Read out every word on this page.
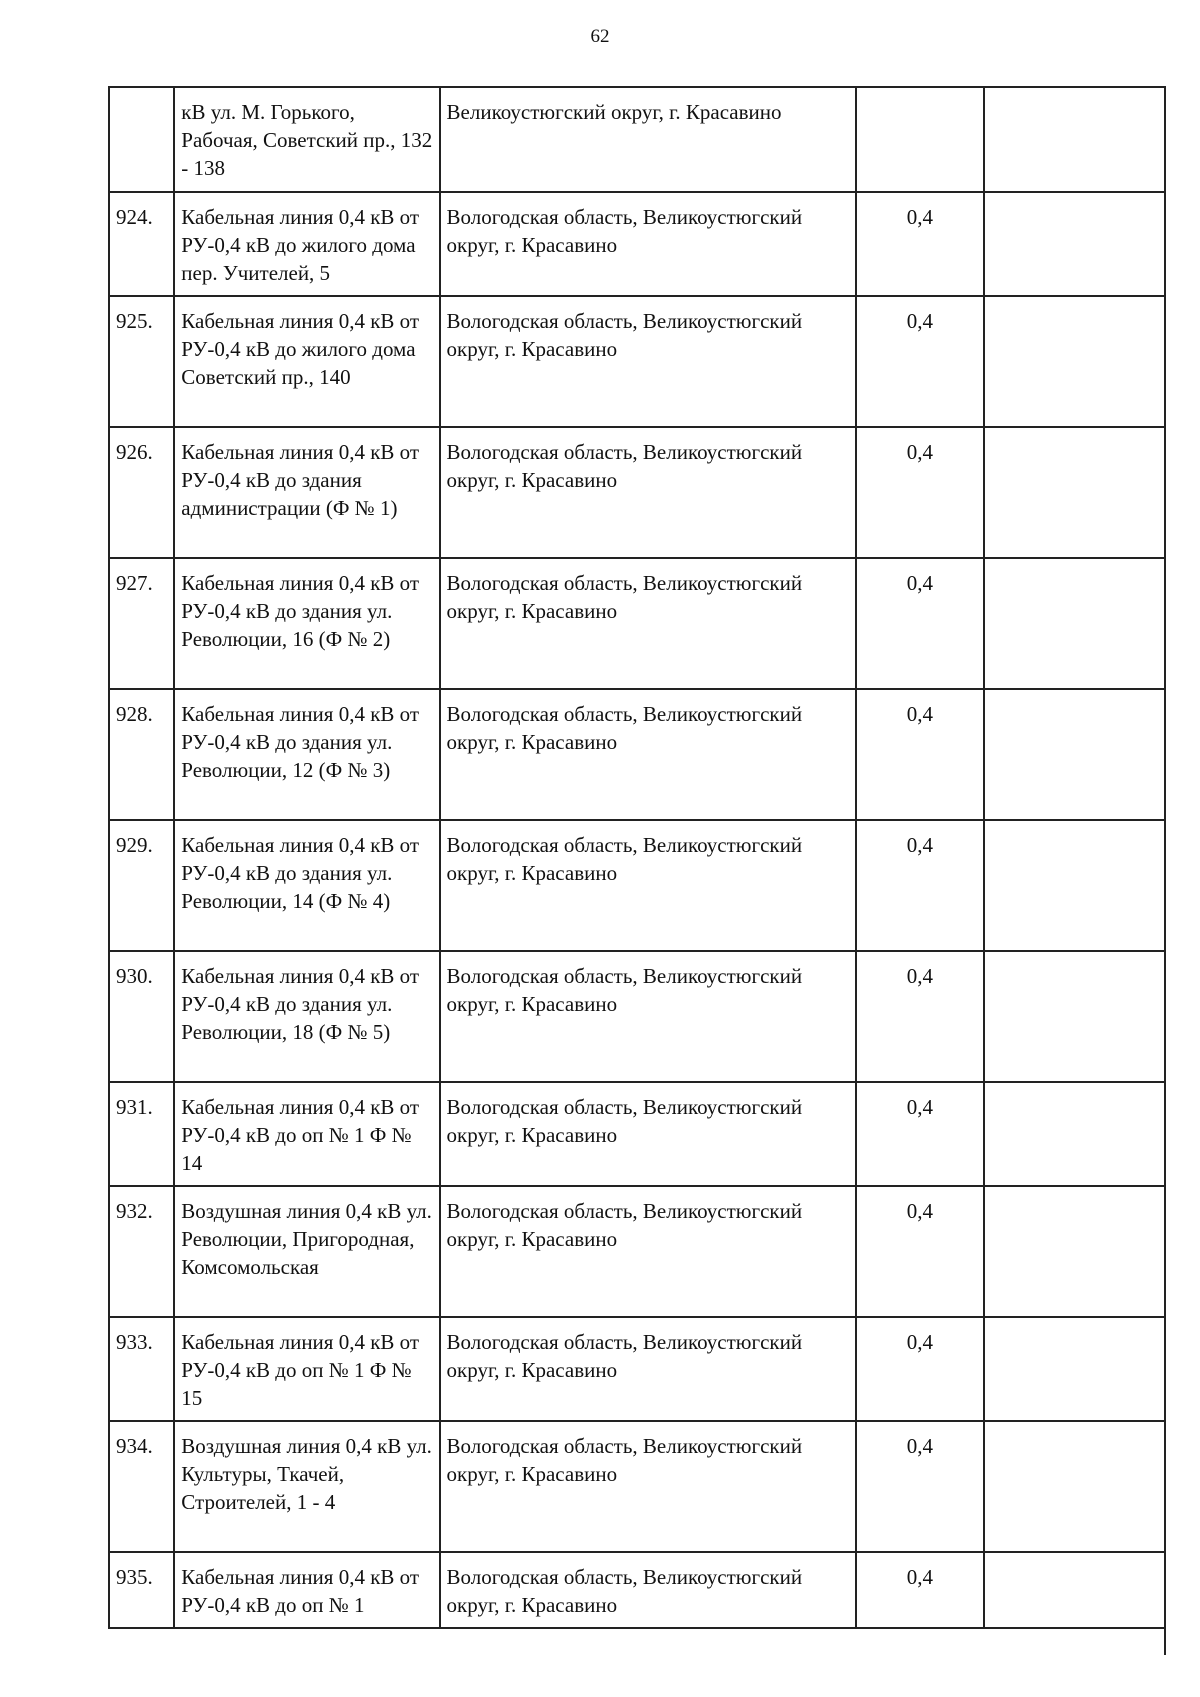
62
	кВ ул. М. Горького, Рабочая, Советский пр., 132 - 138	Великоустюгский округ, г. Красавино		
924.	Кабельная линия 0,4 кВ от РУ-0,4 кВ до жилого дома пер. Учителей, 5	Вологодская область, Великоустюгский округ, г. Красавино	0,4	
925.	Кабельная линия 0,4 кВ от РУ-0,4 кВ до жилого дома Советский пр., 140	Вологодская область, Великоустюгский округ, г. Красавино	0,4	
926.	Кабельная линия 0,4 кВ от РУ-0,4 кВ до здания администрации (Ф № 1)	Вологодская область, Великоустюгский округ, г. Красавино	0,4	
927.	Кабельная линия 0,4 кВ от РУ-0,4 кВ до здания ул. Революции, 16 (Ф № 2)	Вологодская область, Великоустюгский округ, г. Красавино	0,4	
928.	Кабельная линия 0,4 кВ от РУ-0,4 кВ до здания ул. Революции, 12 (Ф № 3)	Вологодская область, Великоустюгский округ, г. Красавино	0,4	
929.	Кабельная линия 0,4 кВ от РУ-0,4 кВ до здания ул. Революции, 14 (Ф № 4)	Вологодская область, Великоустюгский округ, г. Красавино	0,4	
930.	Кабельная линия 0,4 кВ от РУ-0,4 кВ до здания ул. Революции, 18 (Ф № 5)	Вологодская область, Великоустюгский округ, г. Красавино	0,4	
931.	Кабельная линия 0,4 кВ от РУ-0,4 кВ до оп № 1 Ф № 14	Вологодская область, Великоустюгский округ, г. Красавино	0,4	
932.	Воздушная линия 0,4 кВ ул. Революции, Пригородная, Комсомольская	Вологодская область, Великоустюгский округ, г. Красавино	0,4	
933.	Кабельная линия 0,4 кВ от РУ-0,4 кВ до оп № 1 Ф № 15	Вологодская область, Великоустюгский округ, г. Красавино	0,4	
934.	Воздушная линия 0,4 кВ ул. Культуры, Ткачей, Строителей, 1 - 4	Вологодская область, Великоустюгский округ, г. Красавино	0,4	
935.	Кабельная линия 0,4 кВ от РУ-0,4 кВ до оп № 1	Вологодская область, Великоустюгский округ, г. Красавино	0,4	
